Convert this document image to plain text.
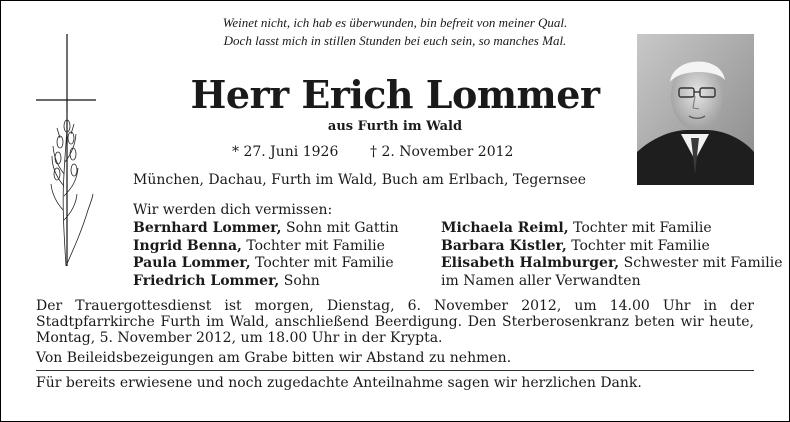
Weinet nicht, ich hab es überwunden, bin befreit von meiner Qual.
Doch lasst mich in stillen Stunden bei euch sein, so manches Mal.
Herr Erich Lommer
aus Furth im Wald
* 27. Juni 1926 † 2. November 2012
München, Dachau, Furth im Wald, Buch am Erlbach, Tegernsee
Wir werden dich vermissen:
Bernhard Lommer, Sohn mit Gattin
Ingrid Benna, Tochter mit Familie
Paula Lommer, Tochter mit Familie
Friedrich Lommer, Sohn
Michaela Reiml, Tochter mit Familie
Barbara Kistler, Tochter mit Familie
Elisabeth Halmburger, Schwester mit Familie
im Namen aller Verwandten
Der Trauergottesdienst ist morgen, Dienstag, 6. November 2012, um 14.00 Uhr in der Stadtpfarrkirche Furth im Wald, anschließend Beerdigung. Den Sterberosenkranz beten wir heute, Montag, 5. November 2012, um 18.00 Uhr in der Krypta.
Von Beileidsbezeigungen am Grabe bitten wir Abstand zu nehmen.
Für bereits erwiesene und noch zugedachte Anteilnahme sagen wir herzlichen Dank.
